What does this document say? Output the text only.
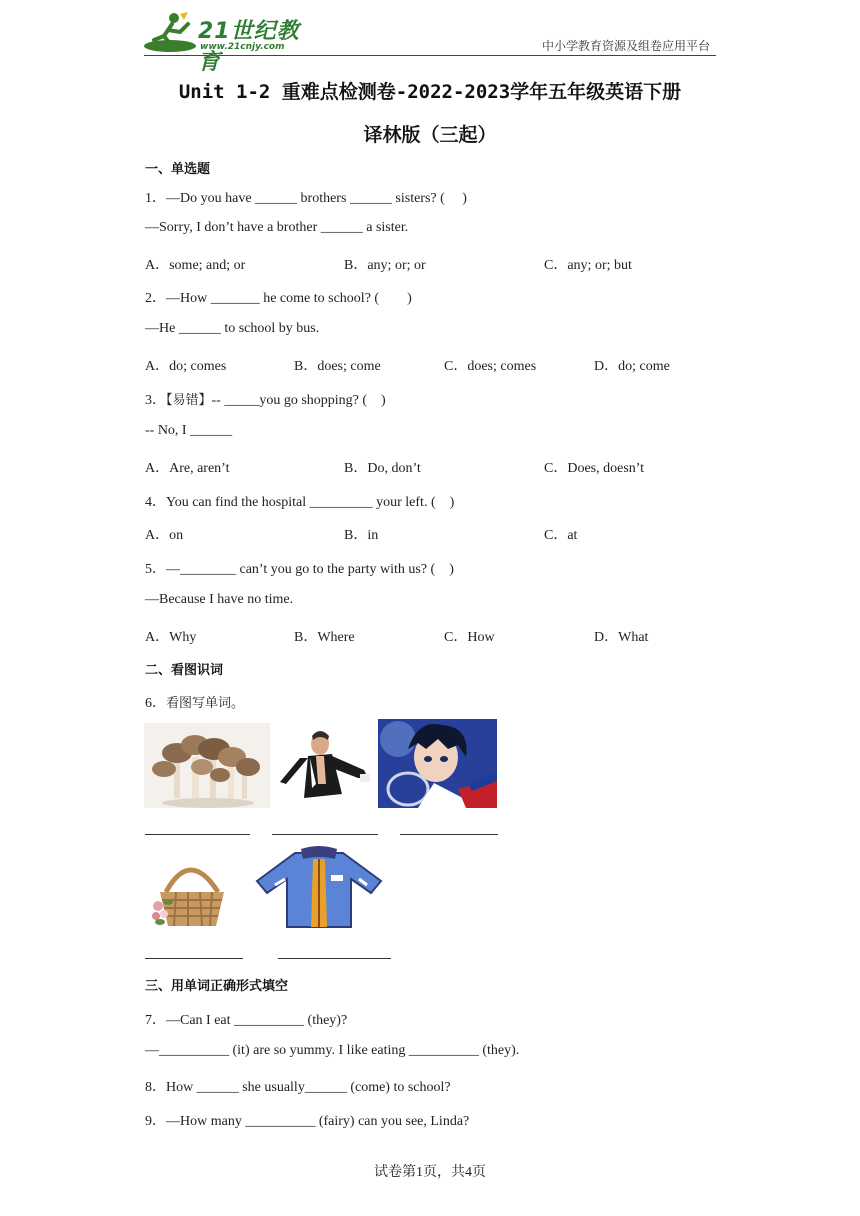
21世纪教育
www.21cnjy.com	中小学教育资源及组卷应用平台
Unit 1-2 重难点检测卷-2022-2023学年五年级英语下册
译林版（三起）
一、单选题
1．—Do you have ______ brothers ______ sisters? (     )
—Sorry, I don’t have a brother ______ a sister.
A．some; and; or	B．any; or; or	C．any; or; but
2．—How _______ he come to school? (        )
—He ______ to school by bus.
A．do; comes	B．does; come	C．does; comes	D．do; come
3．【易错】-- _____you go shopping? (    )
-- No, I ______
A．Are, aren’t	B．Do, don’t	C．Does, doesn’t
4．You can find the hospital _________ your left. (    )
A．on	B．in	C．at
5．—________ can’t you go to the party with us? (    )
—Because I have no time.
A．Why	B．Where	C．How	D．What
二、看图识词
6．看图写单词。
三、用单词正确形式填空
7．—Can I eat __________ (they)?
—__________ (it) are so yummy. I like eating __________ (they).
8．How ______ she usually______ (come) to school?
9．—How many __________ (fairy) can you see, Linda?
试卷第1页，共4页
